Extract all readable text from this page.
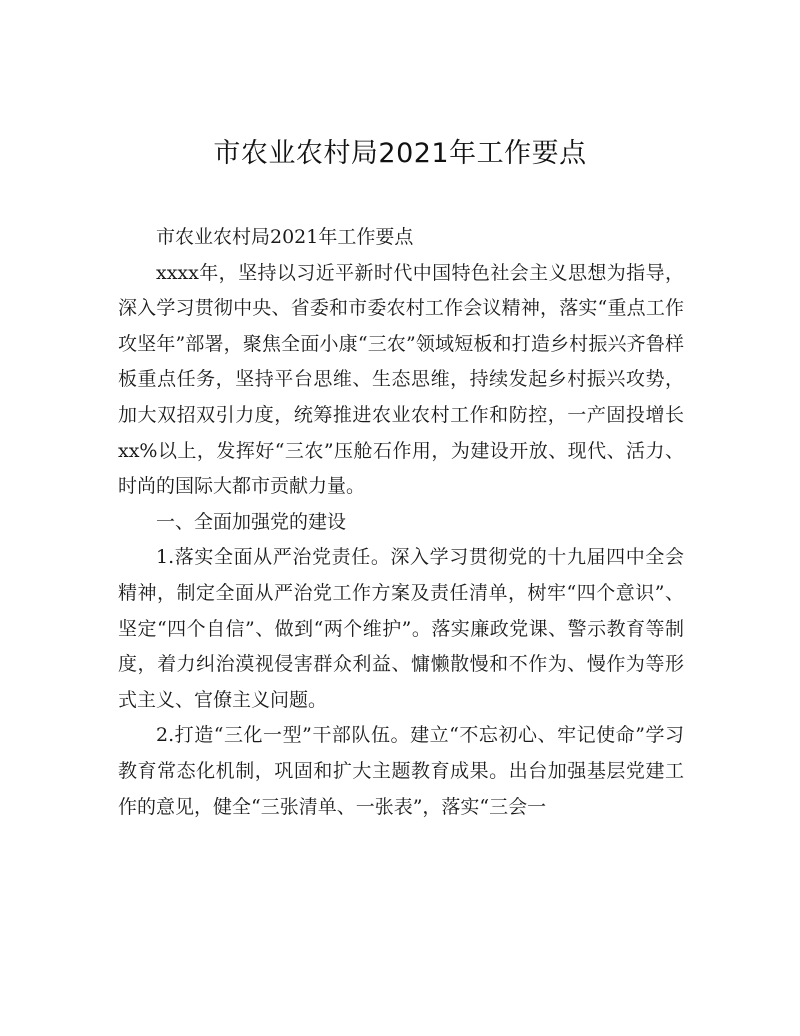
市农业农村局2021年工作要点

市农业农村局2021年工作要点

xxxx年，坚持以习近平新时代中国特色社会主义思想为指导，深入学习贯彻中央、省委和市委农村工作会议精神，落实“重点工作攻坚年”部署，聚焦全面小康“三农”领域短板和打造乡村振兴齐鲁样板重点任务，坚持平台思维、生态思维，持续发起乡村振兴攻势，加大双招双引力度，统筹推进农业农村工作和防控，一产固投增长xx%以上，发挥好“三农”压舱石作用，为建设开放、现代、活力、时尚的国际大都市贡献力量。

一、全面加强党的建设

1.落实全面从严治党责任。深入学习贯彻党的十九届四中全会精神，制定全面从严治党工作方案及责任清单，树牢“四个意识”、坚定“四个自信”、做到“两个维护”。落实廉政党课、警示教育等制度，着力纠治漠视侵害群众利益、慵懒散慢和不作为、慢作为等形式主义、官僚主义问题。

2.打造“三化一型”干部队伍。建立“不忘初心、牢记使命”学习教育常态化机制，巩固和扩大主题教育成果。出台加强基层党建工作的意见，健全“三张清单、一张表”，落实“三会一
